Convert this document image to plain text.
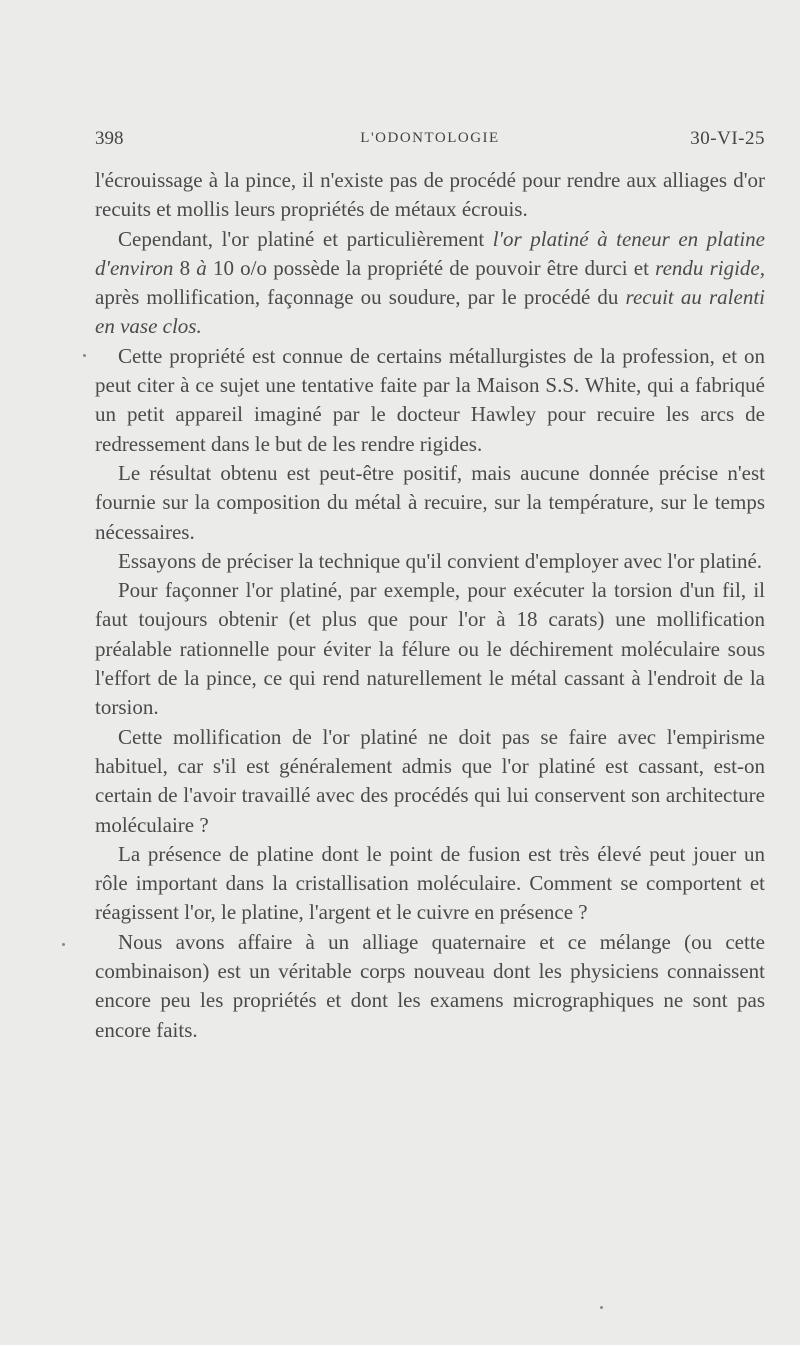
398	L'ODONTOLOGIE	30-VI-25

l'écrouissage à la pince, il n'existe pas de procédé pour rendre aux alliages d'or recuits et mollis leurs propriétés de métaux écrouis.

Cependant, l'or platiné et particulièrement l'or platiné à teneur en platine d'environ 8 à 10 o/o possède la propriété de pouvoir être durci et rendu rigide, après mollification, façonnage ou soudure, par le procédé du recuit au ralenti en vase clos.

Cette propriété est connue de certains métallurgistes de la profession, et on peut citer à ce sujet une tentative faite par la Maison S.S. White, qui a fabriqué un petit appareil imaginé par le docteur Hawley pour recuire les arcs de redressement dans le but de les rendre rigides.

Le résultat obtenu est peut-être positif, mais aucune donnée précise n'est fournie sur la composition du métal à recuire, sur la température, sur le temps nécessaires.

Essayons de préciser la technique qu'il convient d'employer avec l'or platiné.

Pour façonner l'or platiné, par exemple, pour exécuter la torsion d'un fil, il faut toujours obtenir (et plus que pour l'or à 18 carats) une mollification préalable rationnelle pour éviter la félure ou le déchirement moléculaire sous l'effort de la pince, ce qui rend naturellement le métal cassant à l'endroit de la torsion.

Cette mollification de l'or platiné ne doit pas se faire avec l'empirisme habituel, car s'il est généralement admis que l'or platiné est cassant, est-on certain de l'avoir travaillé avec des procédés qui lui conservent son architecture moléculaire ?

La présence de platine dont le point de fusion est très élevé peut jouer un rôle important dans la cristallisation moléculaire. Comment se comportent et réagissent l'or, le platine, l'argent et le cuivre en présence ?

Nous avons affaire à un alliage quaternaire et ce mélange (ou cette combinaison) est un véritable corps nouveau dont les physiciens connaissent encore peu les propriétés et dont les examens micrographiques ne sont pas encore faits.
